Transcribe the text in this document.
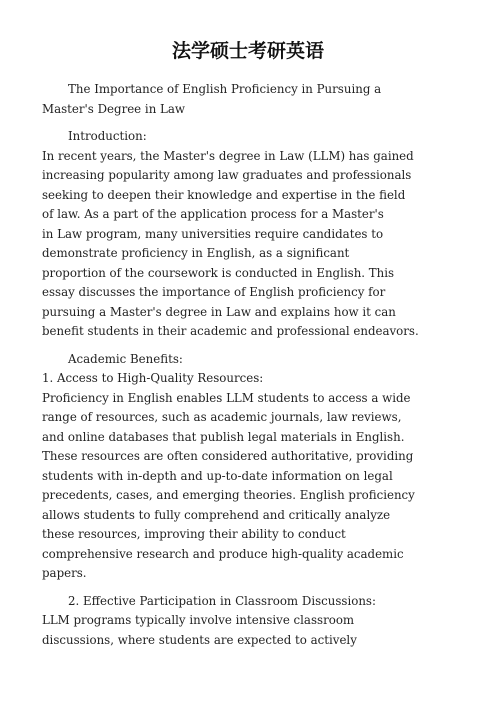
法学硕士考研英语
The Importance of English Proficiency in Pursuing a
Master's Degree in Law
Introduction:
In recent years, the Master's degree in Law (LLM) has gained
increasing popularity among law graduates and professionals
seeking to deepen their knowledge and expertise in the field
of law. As a part of the application process for a Master's
in Law program, many universities require candidates to
demonstrate proficiency in English, as a significant
proportion of the coursework is conducted in English. This
essay discusses the importance of English proficiency for
pursuing a Master's degree in Law and explains how it can
benefit students in their academic and professional endeavors.
Academic Benefits:
1. Access to High-Quality Resources:
Proficiency in English enables LLM students to access a wide
range of resources, such as academic journals, law reviews,
and online databases that publish legal materials in English.
These resources are often considered authoritative, providing
students with in-depth and up-to-date information on legal
precedents, cases, and emerging theories. English proficiency
allows students to fully comprehend and critically analyze
these resources, improving their ability to conduct
comprehensive research and produce high-quality academic
papers.
2. Effective Participation in Classroom Discussions:
LLM programs typically involve intensive classroom
discussions, where students are expected to actively
